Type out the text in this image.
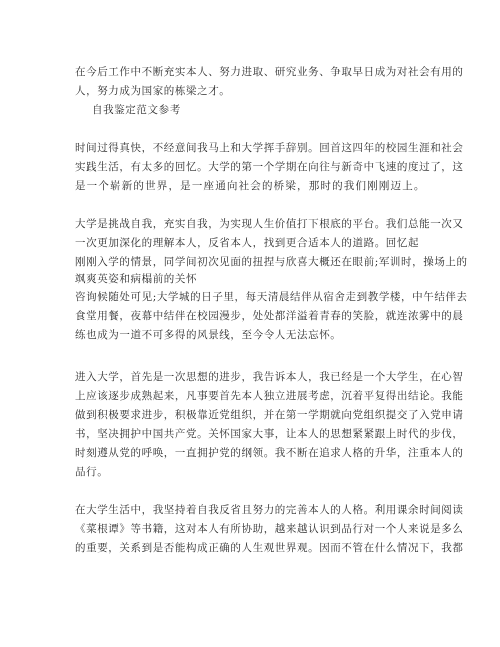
在今后工作中不断充实本人、努力进取、研究业务、争取早日成为对社会有用的
人，努力成为国家的栋梁之才。
自我鉴定范文参考
时间过得真快，不经意间我马上和大学挥手辞别。回首这四年的校园生涯和社会
实践生活，有太多的回忆。大学的第一个学期在向往与新奇中飞速的度过了，这
是一个崭新的世界，是一座通向社会的桥梁，那时的我们刚刚迈上。
大学是挑战自我，充实自我，为实现人生价值打下根底的平台。我们总能一次又
一次更加深化的理解本人，反省本人，找到更合适本人的道路。回忆起
刚刚入学的情景，同学间初次见面的扭捏与欣喜大概还在眼前;军训时，操场上的
飒爽英姿和病榻前的关怀
咨询候随处可见;大学城的日子里，每天清晨结伴从宿舍走到教学楼，中午结伴去
食堂用餐，夜幕中结伴在校园漫步，处处都洋溢着青春的笑脸，就连浓雾中的晨
练也成为一道不可多得的风景线，至今令人无法忘怀。
进入大学，首先是一次思想的进步，我告诉本人，我已经是一个大学生，在心智
上应该逐步成熟起来，凡事要首先本人独立进展考虑，沉着平复得出结论。我能
做到积极要求进步，积极靠近党组织，并在第一学期就向党组织提交了入党申请
书，坚决拥护中国共产党。关怀国家大事，让本人的思想紧紧跟上时代的步伐，
时刻遵从党的呼唤，一直拥护党的纲领。我不断在追求人格的升华，注重本人的
品行。
在大学生活中，我坚持着自我反省且努力的完善本人的人格。利用课余时间阅读
《菜根谭》等书籍，这对本人有所协助，越来越认识到品行对一个人来说是多么
的重要，关系到是否能构成正确的人生观世界观。因而不管在什么情况下，我都
